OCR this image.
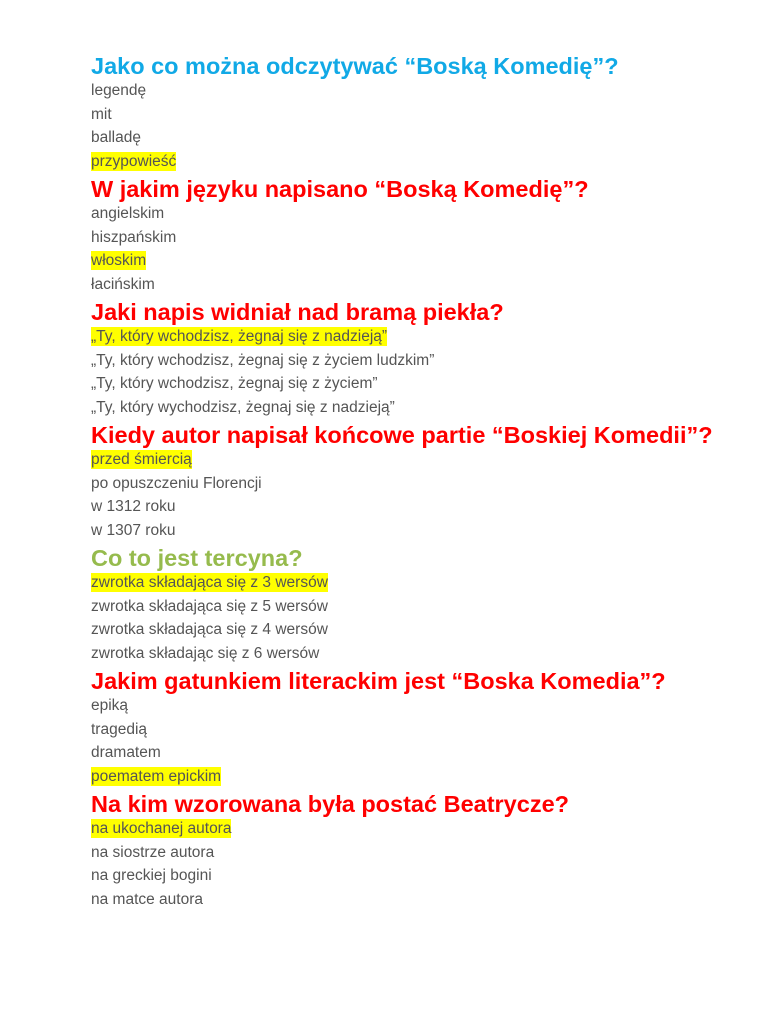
Jako co można odczytywać “Boską Komedię”?
legendę
mit
balladę
przypowieść
W jakim języku napisano “Boską Komedię”?
angielskim
hiszpańskim
włoskim
łacińskim
Jaki napis widniał nad bramą piekła?
„Ty, który wchodzisz, żegnaj się z nadzieją”
„Ty, który wchodzisz, żegnaj się z życiem ludzkim”
„Ty, który wchodzisz, żegnaj się z życiem”
„Ty, który wychodzisz, żegnaj się z nadzieją”
Kiedy autor napisał końcowe partie “Boskiej Komedii”?
przed śmiercią
po opuszczeniu Florencji
w 1312 roku
w 1307 roku
Co to jest tercyna?
zwrotka składająca się z 3 wersów
zwrotka składająca się z 5 wersów
zwrotka składająca się z 4 wersów
zwrotka składając się z 6 wersów
Jakim gatunkiem literackim jest “Boska Komedia”?
epiką
tragedią
dramatem
poematem epickim
Na kim wzorowana była postać Beatrycze?
na ukochanej autora
na siostrze autora
na greckiej bogini
na matce autora
